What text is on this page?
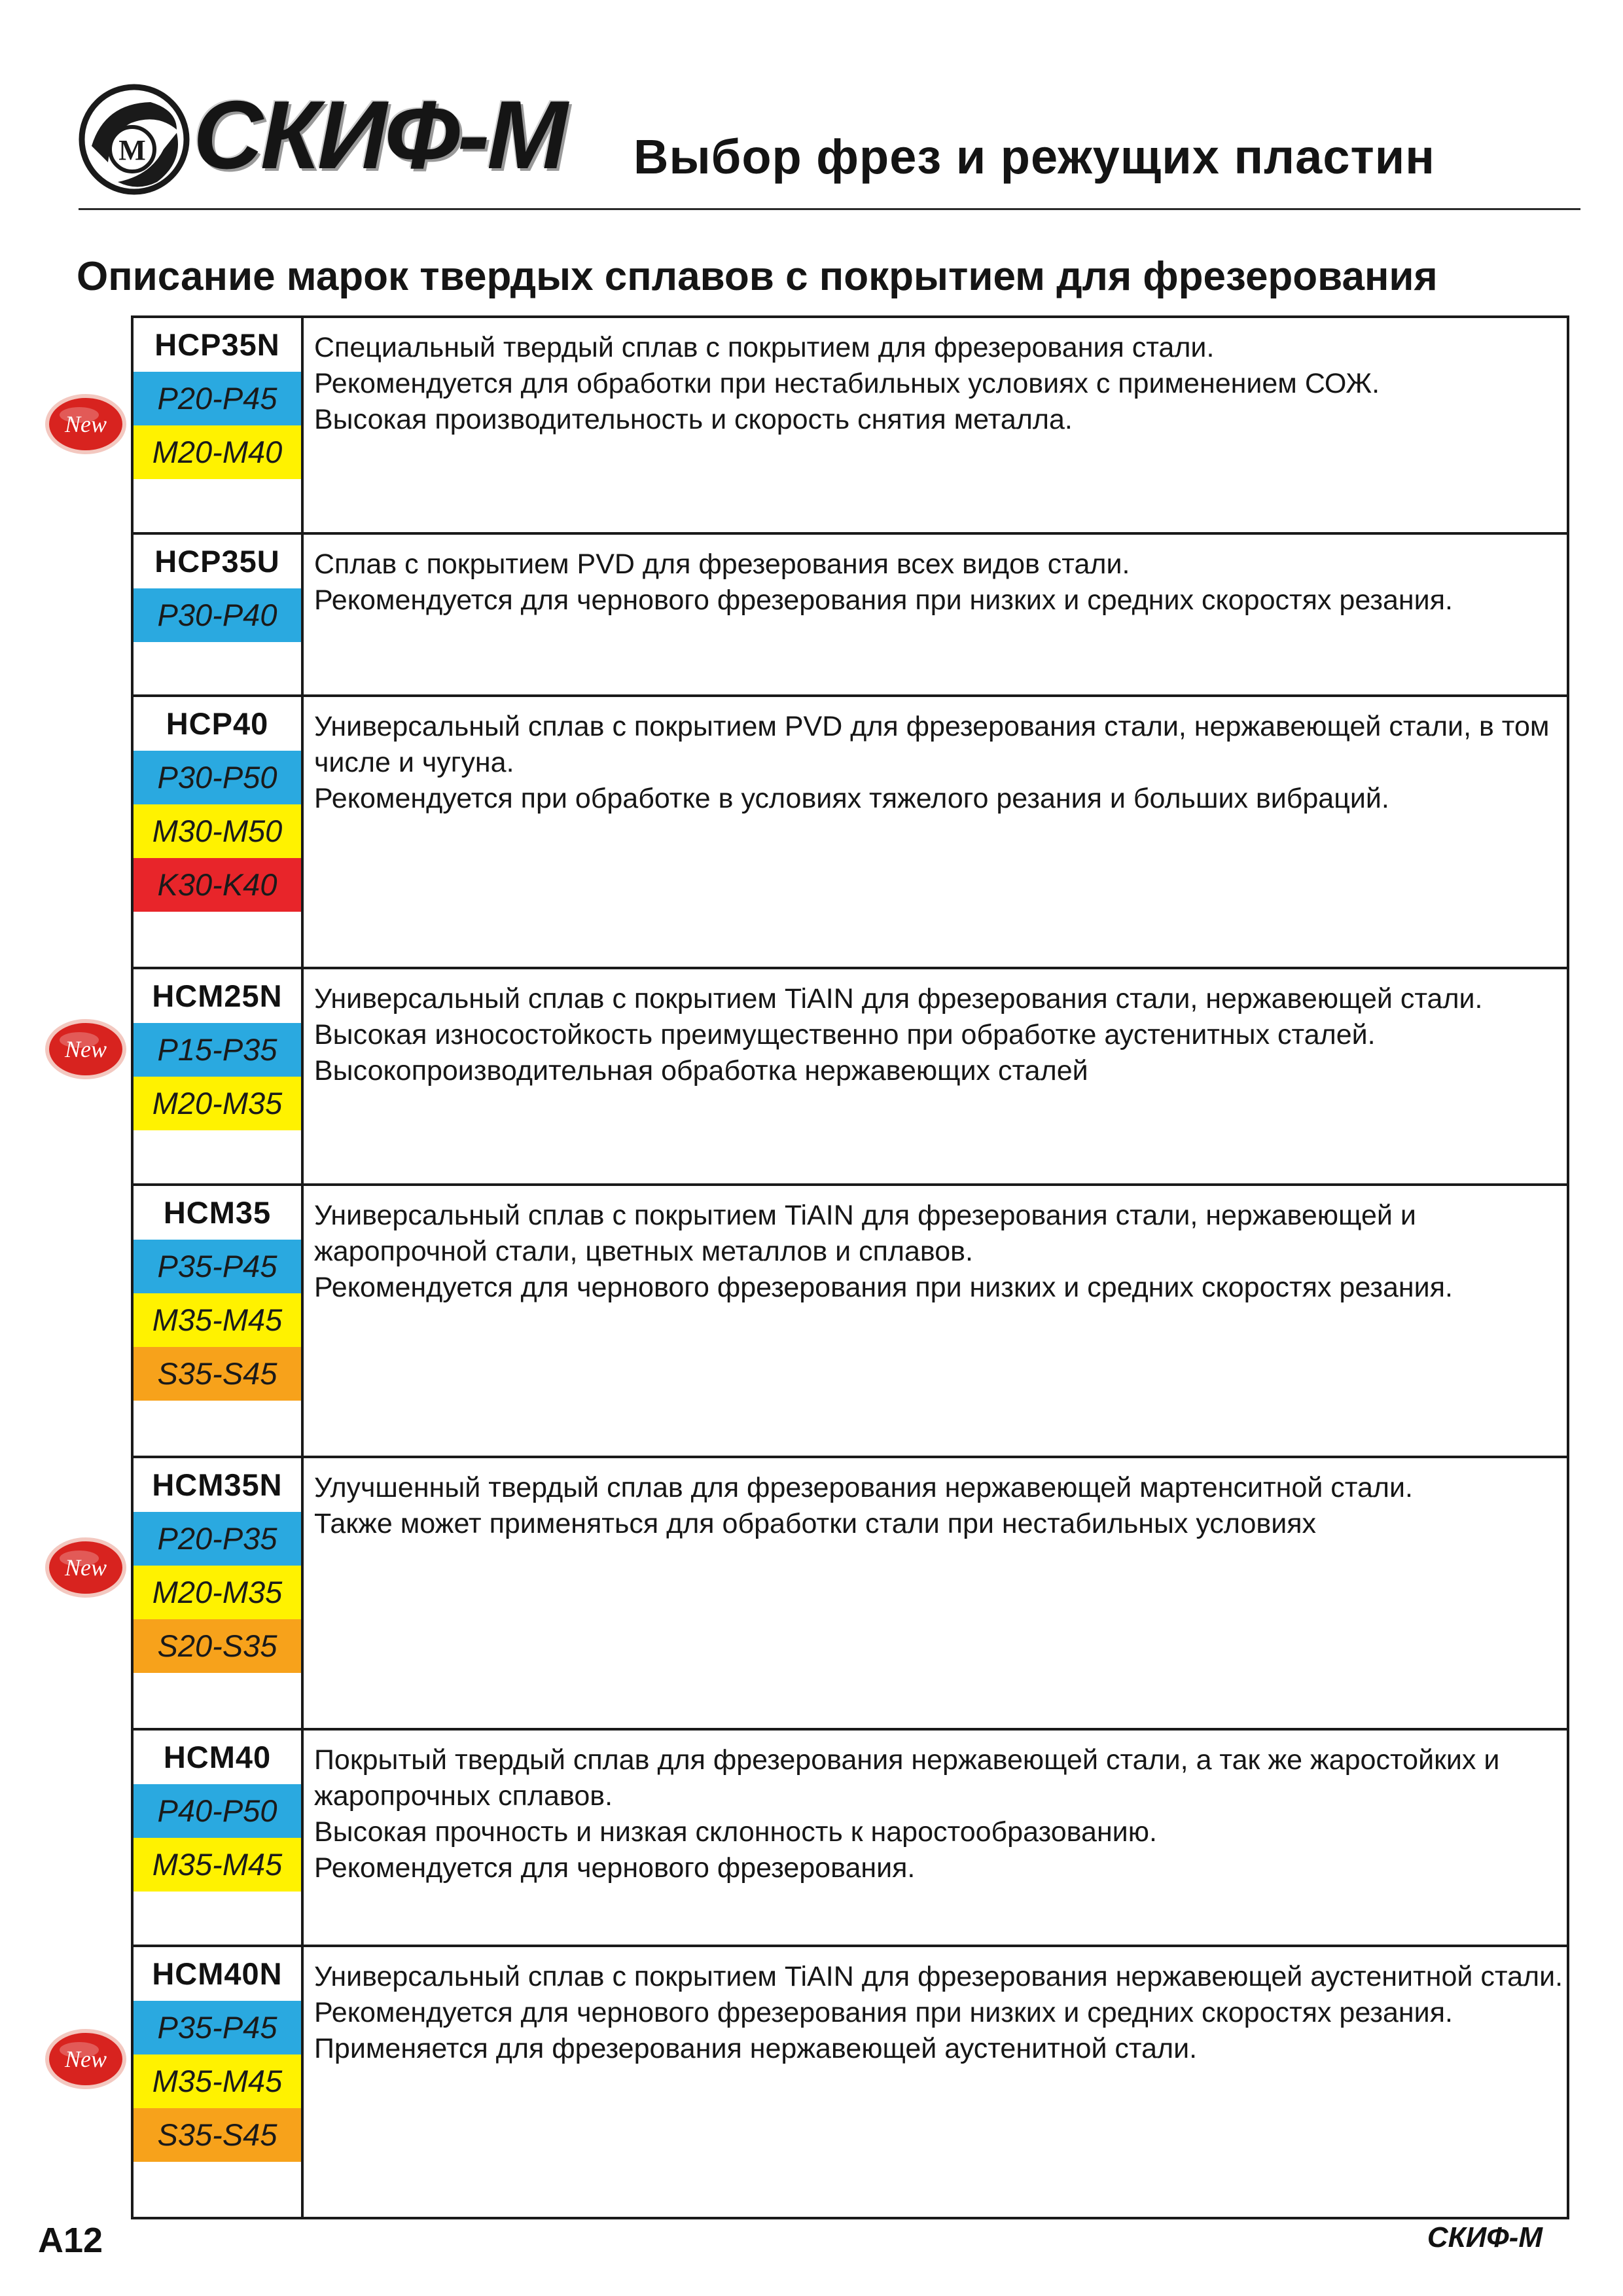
М СКИФ-М Выбор фрез и режущих пластин
Описание марок твердых сплавов с покрытием для фрезерования
HCP35N
P20-P45
M20-M40

Специальный твердый сплав с покрытием для фрезерования стали.

Рекомендуется для обработки при нестабильных условиях с применением СОЖ.

Высокая производительность и скорость снятия металла.

HCP35U
P30-P40

Сплав с покрытием PVD для фрезерования всех видов стали.

Рекомендуется для чернового фрезерования при низких и средних скоростях резания.

HCP40
P30-P50
M30-M50
K30-K40

Универсальный сплав с покрытием PVD для фрезерования стали, нержавеющей стали, в том числе и чугуна.

Рекомендуется при обработке в условиях тяжелого резания и больших вибраций.

HCM25N
P15-P35
M20-M35

Универсальный сплав с покрытием TiAIN для фрезерования стали, нержавеющей стали.

Высокая износостойкость преимущественно при обработке аустенитных сталей.

Высокопроизводительная обработка нержавеющих сталей

HCM35
P35-P45
M35-M45
S35-S45

Универсальный сплав с покрытием TiAIN для фрезерования стали, нержавеющей и жаропрочной стали, цветных металлов и сплавов.

Рекомендуется для чернового фрезерования при низких и средних скоростях резания.

HCM35N
P20-P35
M20-M35
S20-S35

Улучшенный твердый сплав для фрезерования нержавеющей мартенситной стали.

Также может применяться для обработки стали при нестабильных условиях

HCM40
P40-P50
M35-M45

Покрытый твердый сплав для фрезерования нержавеющей стали, а так же жаростойких и жаропрочных сплавов.

Высокая прочность и низкая склонность к наростообразованию.

Рекомендуется для чернового фрезерования.

HCM40N
P35-P45
M35-M45
S35-S45

Универсальный сплав с покрытием TiAIN для фрезерования нержавеющей аустенитной стали. Рекомендуется для чернового фрезерования при низких и средних скоростях резания. Применяется для фрезерования нержавеющей аустенитной стали.

New
New
New
New
A12	СКИФ-М
